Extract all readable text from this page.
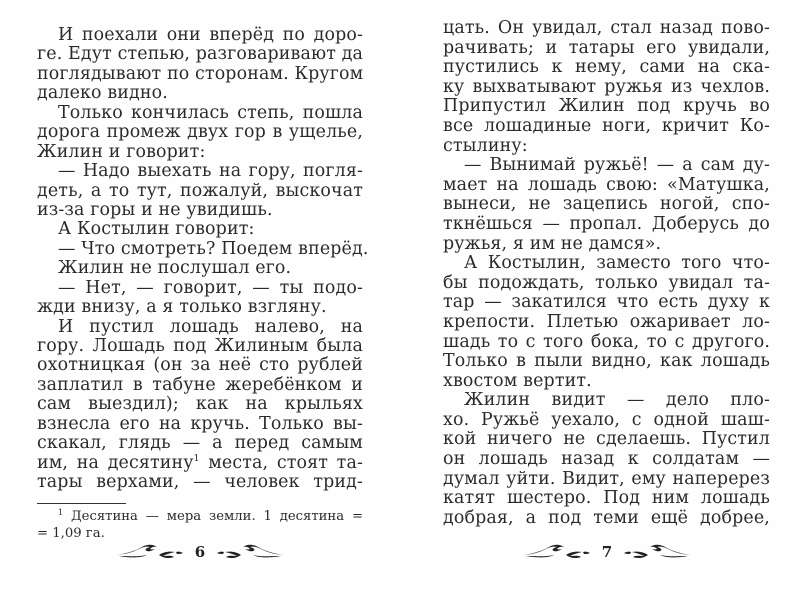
И поехали они вперёд по доро-
ге. Едут степью, разговаривают да
поглядывают по сторонам. Кругом
далеко видно.
Только кончилась степь, пошла
дорога промеж двух гор в ущелье,
Жилин и говорит:
— Надо выехать на гору, погля-
деть, а то тут, пожалуй, выскочат
из-за горы и не увидишь.
А Костылин говорит:
— Что смотреть? Поедем вперёд.
Жилин не послушал его.
— Нет, — говорит, — ты подо-
жди внизу, а я только взгляну.
И пустил лошадь налево, на
гору. Лошадь под Жилиным была
охотницкая (он за неё сто рублей
заплатил в табуне жеребёнком и
сам выездил); как на крыльях
взнесла его на кручь. Только вы-
скакал, глядь — а перед самым
им, на десятину$^1$ места, стоят та-
тары верхами, — человек трид-
$^1$ Десятина — мера земли. 1 десятина =
= 1,09 га.
6
цать. Он увидал, стал назад пово-
рачивать; и татары его увидали,
пустились к нему, сами на ска-
ку выхватывают ружья из чехлов.
Припустил Жилин под кручь во
все лошадиные ноги, кричит Ко-
стылину:
— Вынимай ружьё! — а сам ду-
мает на лошадь свою: «Матушка,
вынеси, не зацепись ногой, спо-
ткнёшься — пропал. Доберусь до
ружья, я им не дамся».
А Костылин, заместо того что-
бы подождать, только увидал та-
тар — закатился что есть духу к
крепости. Плетью ожаривает ло-
шадь то с того бока, то с другого.
Только в пыли видно, как лошадь
хвостом вертит.
Жилин видит — дело пло-
хо. Ружьё уехало, с одной шаш-
кой ничего не сделаешь. Пустил
он лошадь назад к солдатам —
думал уйти. Видит, ему наперерез
катят шестеро. Под ним лошадь
добрая, а под теми ещё добрее,
7
